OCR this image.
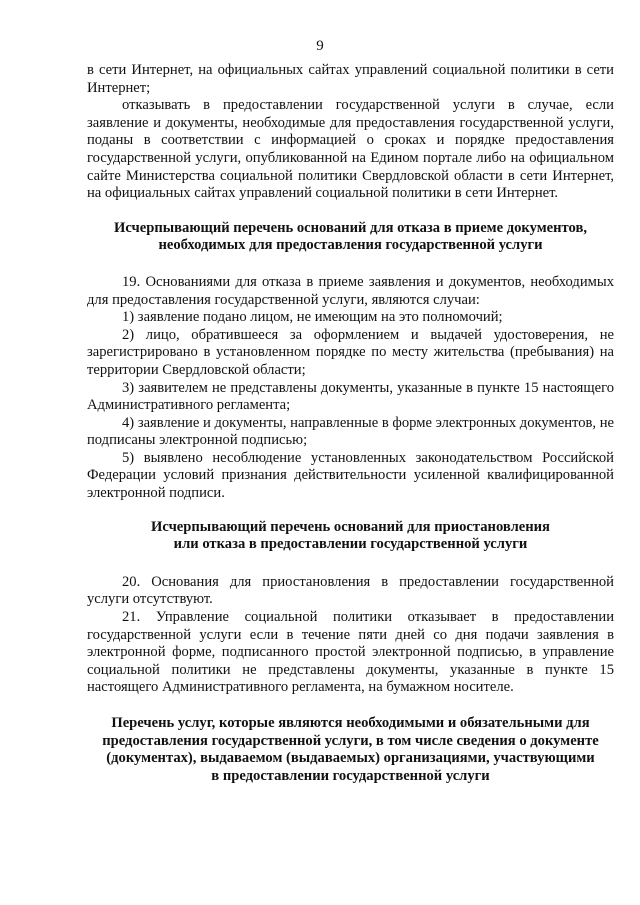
9

в сети Интернет, на официальных сайтах управлений социальной политики в сети Интернет;

отказывать в предоставлении государственной услуги в случае, если заявление и документы, необходимые для предоставления государственной услуги, поданы в соответствии с информацией о сроках и порядке предоставления государственной услуги, опубликованной на Едином портале либо на официальном сайте Министерства социальной политики Свердловской области в сети Интернет, на официальных сайтах управлений социальной политики в сети Интернет.

Исчерпывающий перечень оснований для отказа в приеме документов,
необходимых для предоставления государственной услуги

19. Основаниями для отказа в приеме заявления и документов, необходимых для предоставления государственной услуги, являются случаи:

1) заявление подано лицом, не имеющим на это полномочий;

2) лицо, обратившееся за оформлением и выдачей удостоверения, не зарегистрировано в установленном порядке по месту жительства (пребывания) на территории Свердловской области;

3) заявителем не представлены документы, указанные в пункте 15 настоящего Административного регламента;

4) заявление и документы, направленные в форме электронных документов, не подписаны электронной подписью;

5) выявлено несоблюдение установленных законодательством Российской Федерации условий признания действительности усиленной квалифицированной электронной подписи.

Исчерпывающий перечень оснований для приостановления
или отказа в предоставлении государственной услуги

20. Основания для приостановления в предоставлении государственной услуги отсутствуют.

21. Управление социальной политики отказывает в предоставлении государственной услуги если в течение пяти дней со дня подачи заявления в электронной форме, подписанного простой электронной подписью, в управление социальной политики не представлены документы, указанные в пункте 15 настоящего Административного регламента, на бумажном носителе.

Перечень услуг, которые являются необходимыми и обязательными для
предоставления государственной услуги, в том числе сведения о документе
(документах), выдаваемом (выдаваемых) организациями, участвующими
в предоставлении государственной услуги
